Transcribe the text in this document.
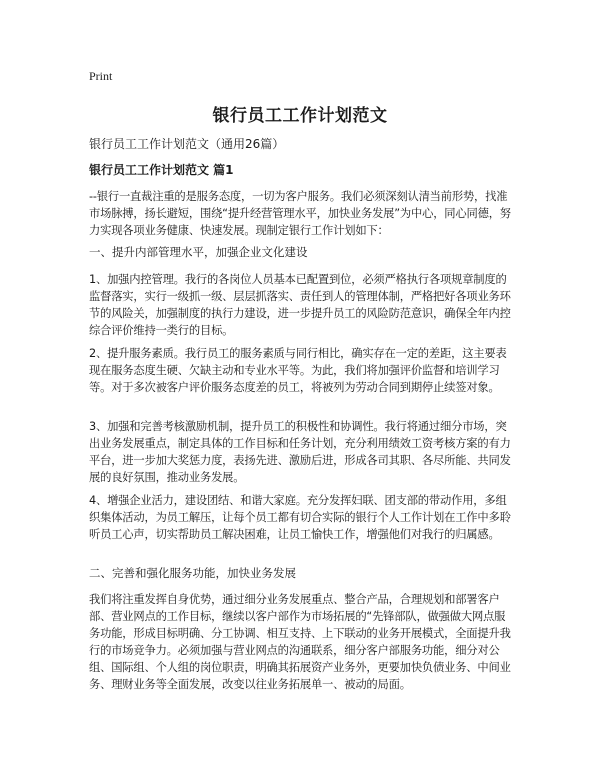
Print
银行员工工作计划范文
银行员工工作计划范文（通用26篇）
银行员工工作计划范文 篇1

--银行一直裁注重的是服务态度，一切为客户服务。我们必须深刻认清当前形势，找准市场脉搏，扬长避短，围绕“提升经营管理水平，加快业务发展”为中心，同心同德，努力实现各项业务健康、快速发展。现制定银行工作计划如下：

一、提升内部管理水平，加强企业文化建设

1、加强内控管理。我行的各岗位人员基本已配置到位，必须严格执行各项规章制度的监督落实，实行一级抓一级、层层抓落实、责任到人的管理体制，严格把好各项业务环节的风险关，加强制度的执行力建设，进一步提升员工的风险防范意识，确保全年内控综合评价维持一类行的目标。

2、提升服务素质。我行员工的服务素质与同行相比，确实存在一定的差距，这主要表现在服务态度生硬、欠缺主动和专业水平等。为此，我们将加强评价监督和培训学习等。对于多次被客户评价服务态度差的员工，将被列为劳动合同到期停止续签对象。

3、加强和完善考核激励机制，提升员工的积极性和协调性。我行将通过细分市场，突出业务发展重点，制定具体的工作目标和任务计划，充分利用绩效工资考核方案的有力平台，进一步加大奖惩力度，表扬先进、激励后进，形成各司其职、各尽所能、共同发展的良好氛围，推动业务发展。

4、增强企业活力，建设团结、和谐大家庭。充分发挥妇联、团支部的带动作用，多组织集体活动，为员工解压，让每个员工都有切合实际的银行个人工作计划在工作中多聆听员工心声，切实帮助员工解决困难，让员工愉快工作，增强他们对我行的归属感。

二、完善和强化服务功能，加快业务发展

我们将注重发挥自身优势，通过细分业务发展重点、整合产品，合理规划和部署客户部、营业网点的工作目标，继续以客户部作为市场拓展的“先锋部队，做强做大网点服务功能，形成目标明确、分工协调、相互支持、上下联动的业务开展模式，全面提升我行的市场竞争力。必须加强与营业网点的沟通联系，细分客户部服务功能，细分对公组、国际组、个人组的岗位职责，明确其拓展资产业务外，更要加快负债业务、中间业务、理财业务等全面发展，改变以往业务拓展单一、被动的局面。
